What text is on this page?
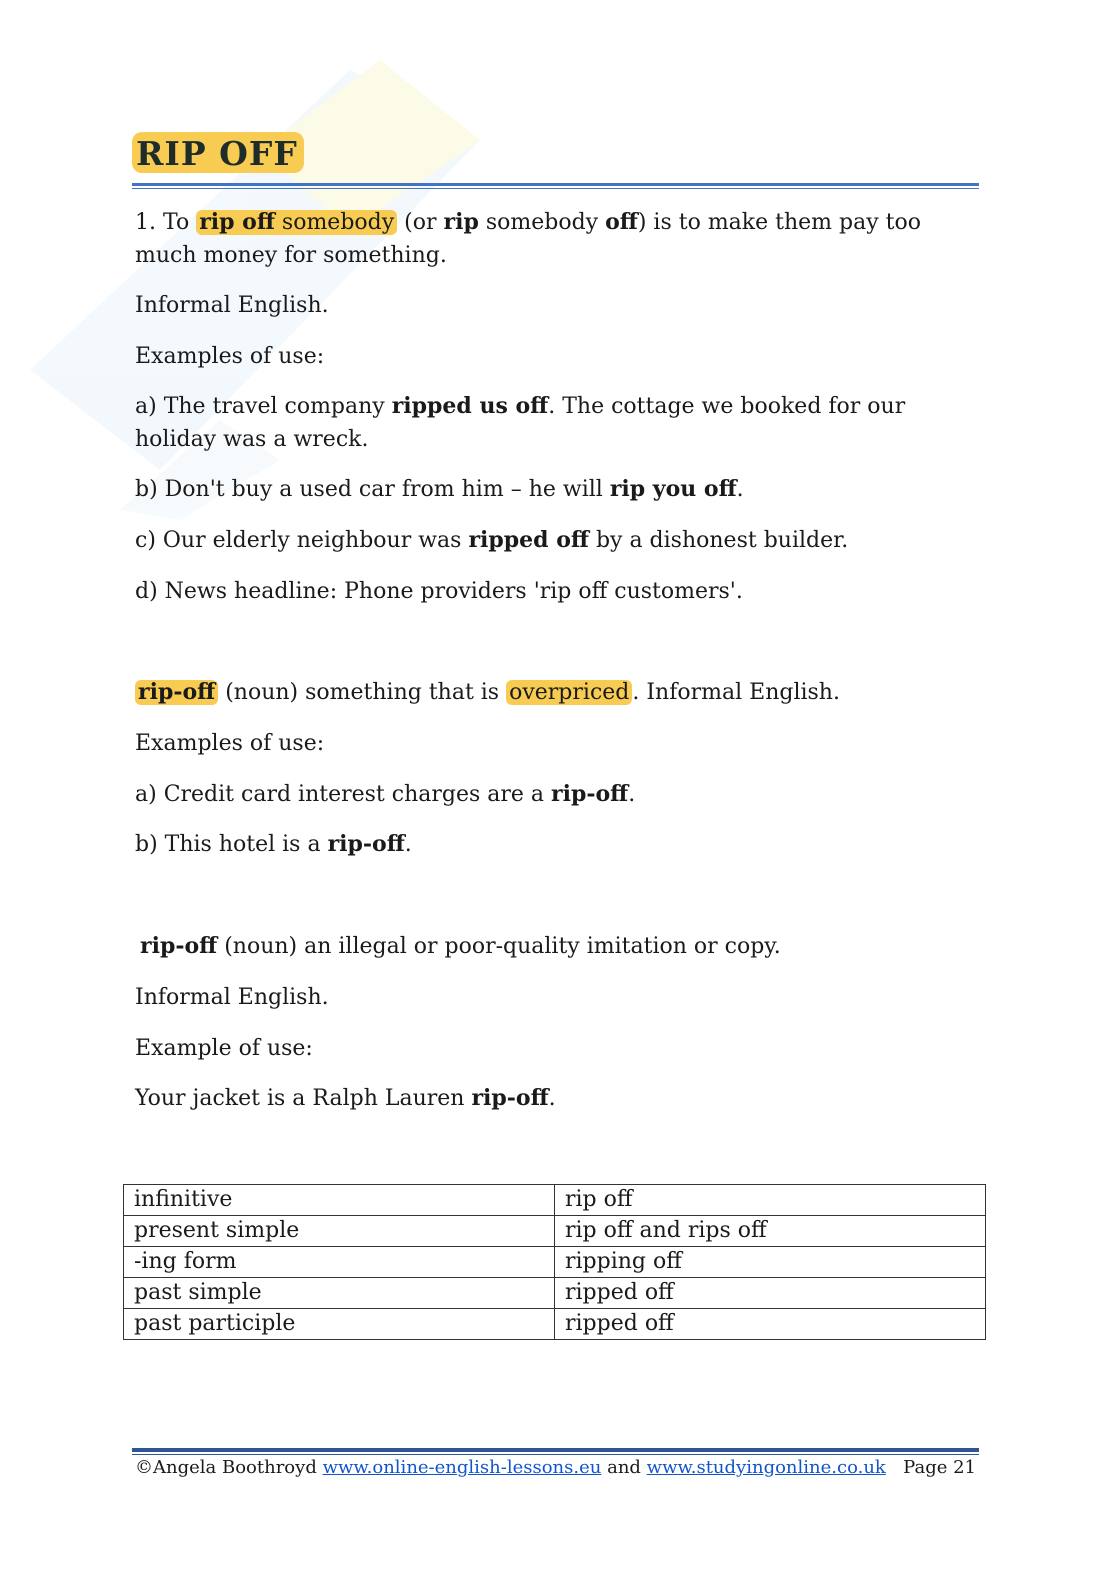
RIP OFF

1. To rip off somebody (or rip somebody off) is to make them pay too

much money for something.

Informal English.

Examples of use:

a) The travel company ripped us off. The cottage we booked for our

holiday was a wreck.

b) Don't buy a used car from him – he will rip you off.

c) Our elderly neighbour was ripped off by a dishonest builder.

d) News headline: Phone providers 'rip off customers'.

rip-off (noun) something that is overpriced . Informal English.

Examples of use:

a) Credit card interest charges are a rip-off.

b) This hotel is a rip-off.

rip-off (noun) an illegal or poor-quality imitation or copy.

Informal English.

Example of use:

Your jacket is a Ralph Lauren rip-off.

infinitive	rip off
present simple	rip off and rips off
-ing form	ripping off
past simple	ripped off
past participle	ripped off
©Angela Boothroyd www.online-english-lessons.eu and www.studyingonline.co.uk Page 21
